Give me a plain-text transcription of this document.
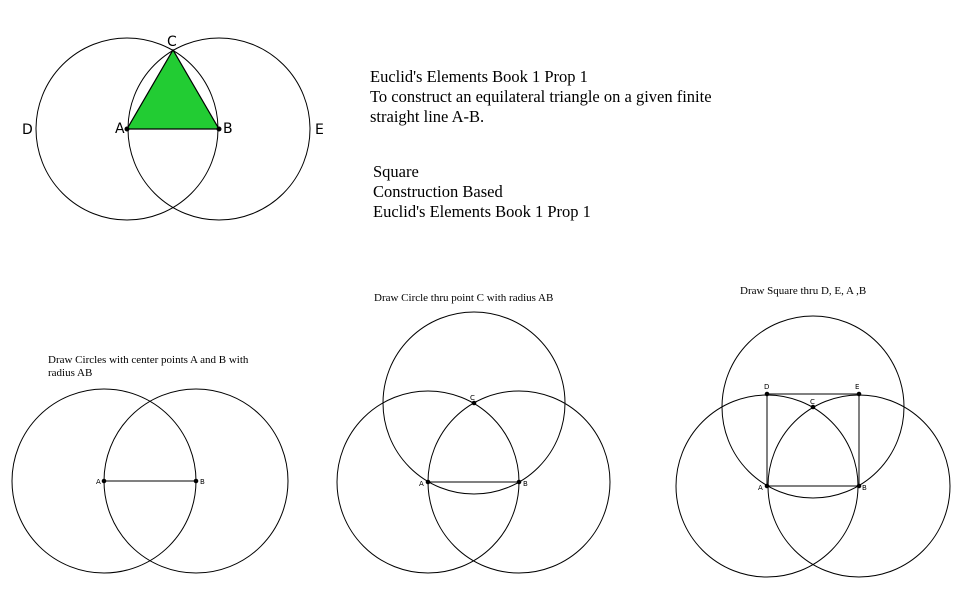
C
A	B
D	E
A	B	A	B
C
A	B
C
D	E
Euclid's Elements Book 1 Prop 1
To construct an equilateral triangle on a given finite
straight line A-B.
Square
Construction Based
Euclid's Elements Book 1 Prop 1
Draw Circles with center points A and B with
radius AB
Draw Circle thru point C with radius AB
Draw Square thru D, E, A ,B
